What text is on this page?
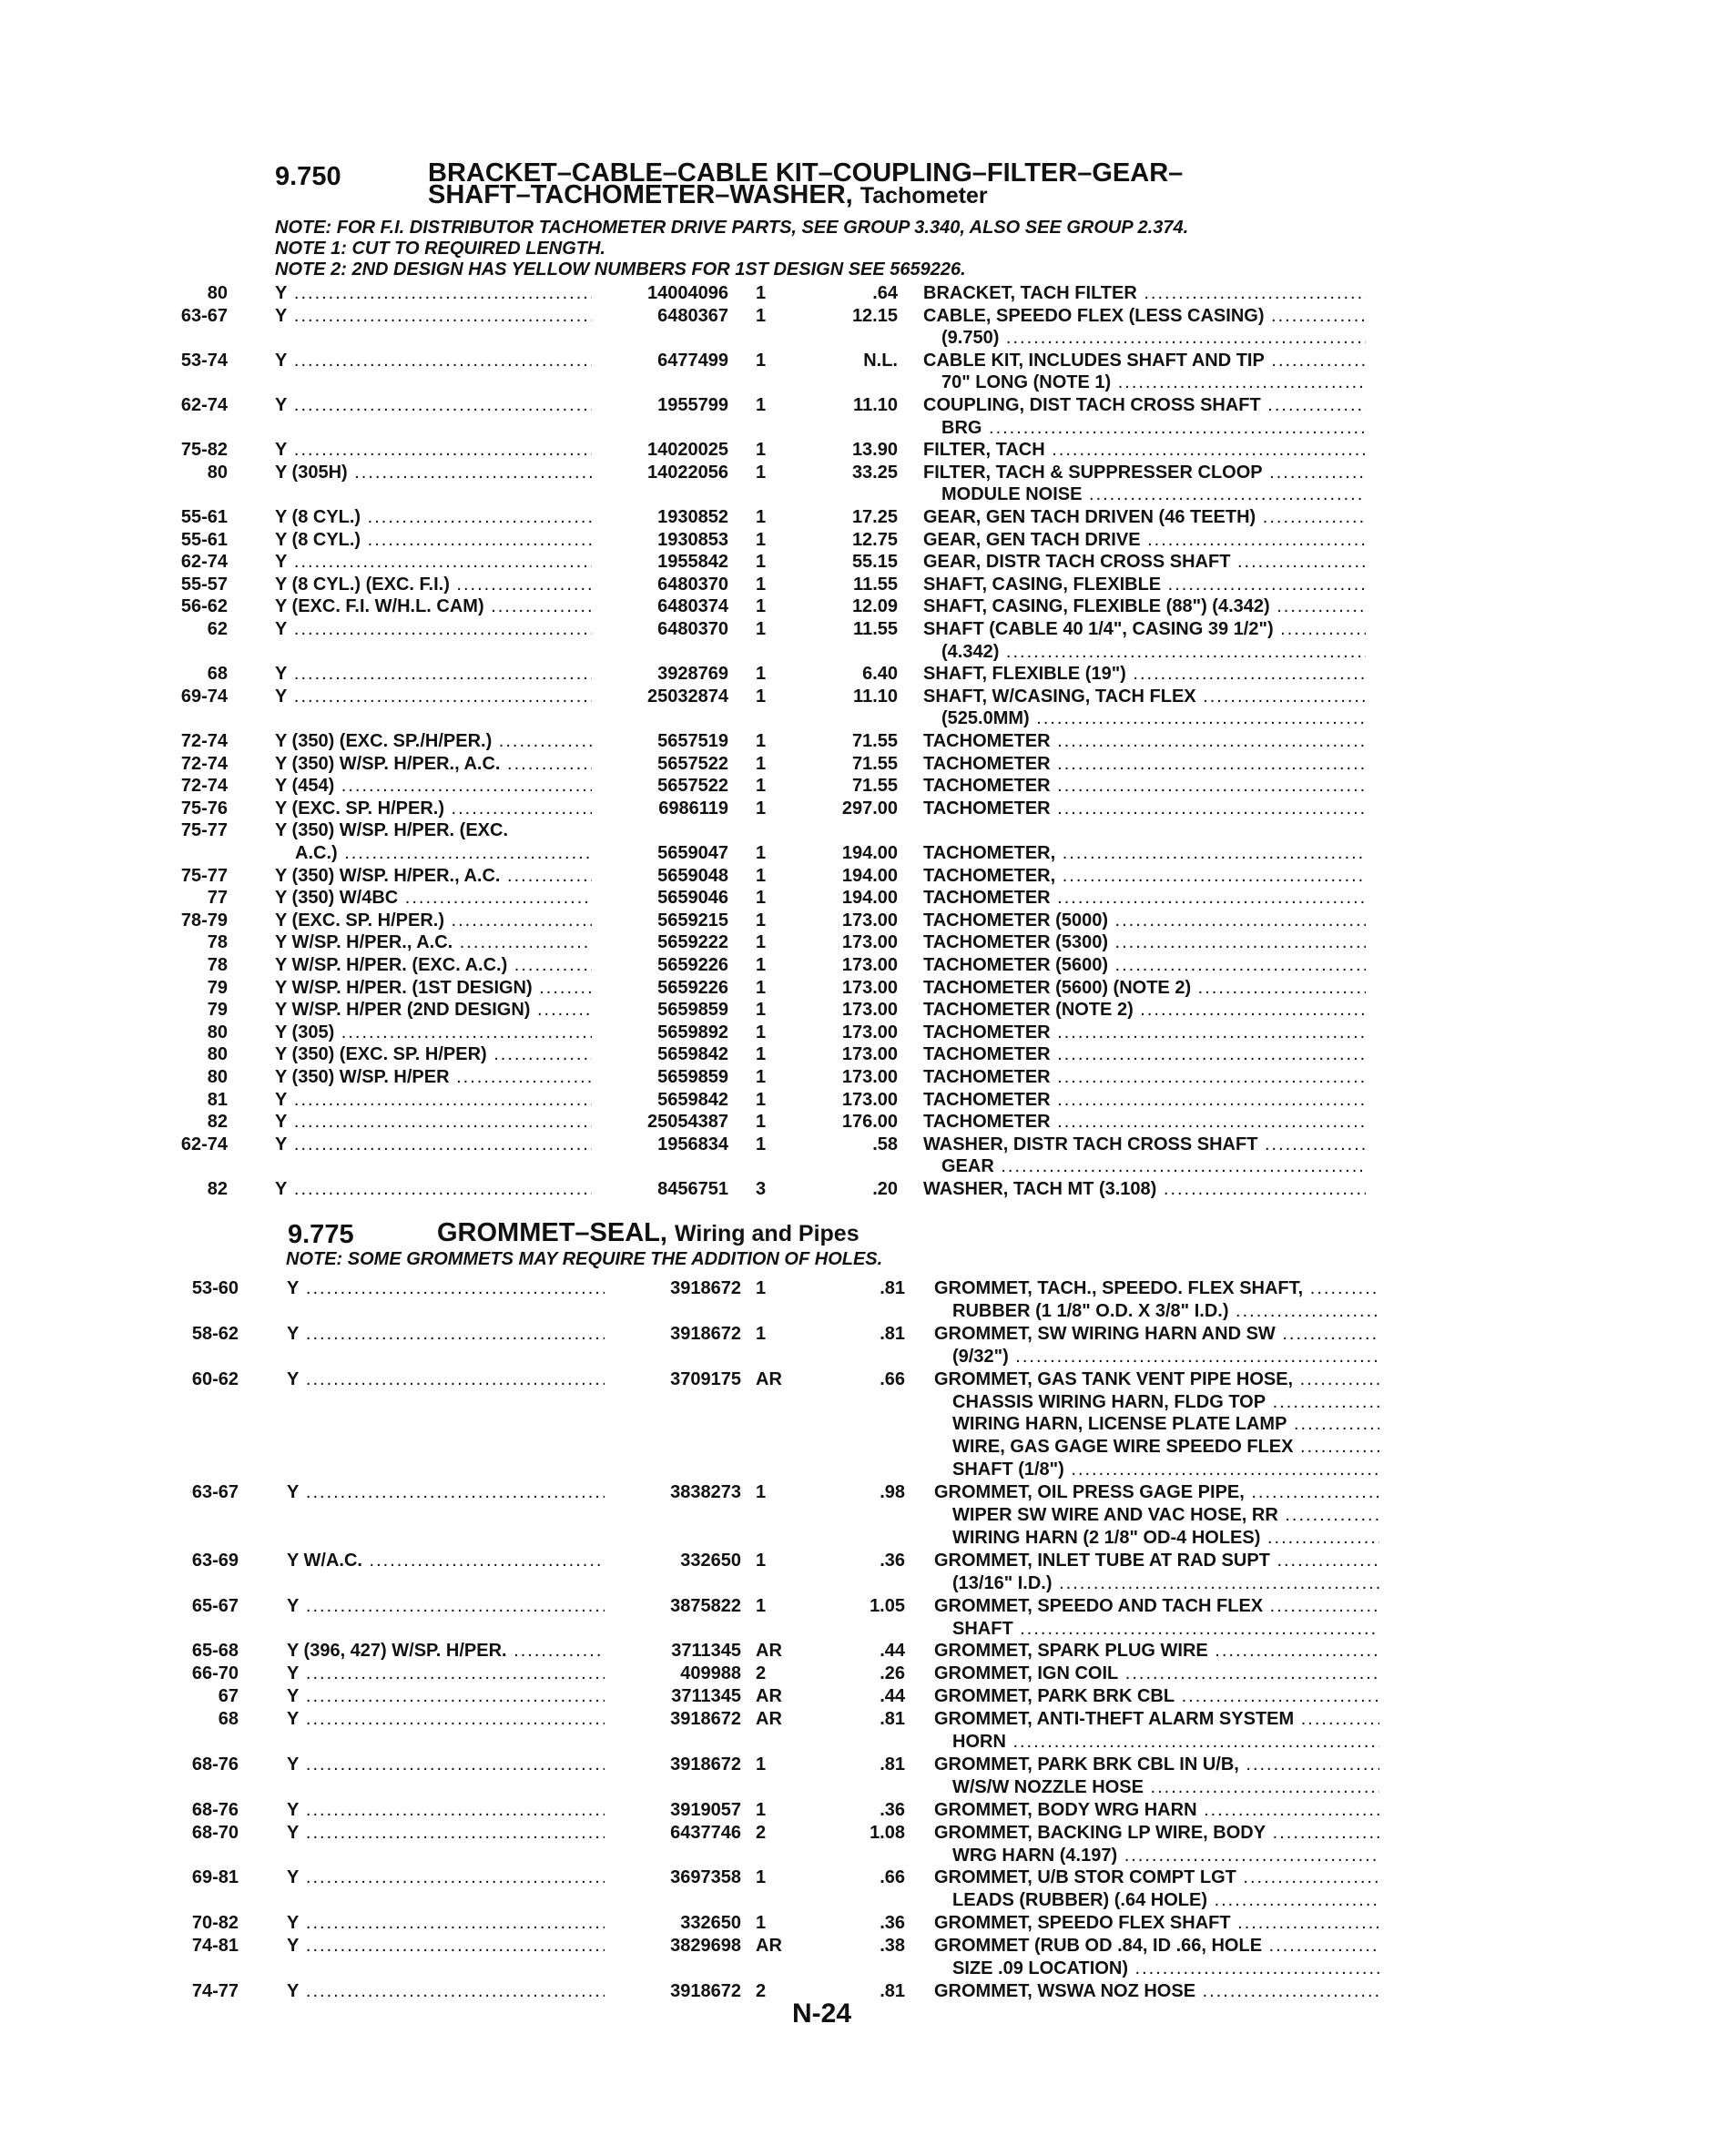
9.750	BRACKET–CABLE–CABLE KIT–COUPLING–FILTER–GEAR–
SHAFT–TACHOMETER–WASHER, Tachometer
NOTE: FOR F.I. DISTRIBUTOR TACHOMETER DRIVE PARTS, SEE GROUP 3.340, ALSO SEE GROUP 2.374.
NOTE 1: CUT TO REQUIRED LENGTH.
NOTE 2: 2ND DESIGN HAS YELLOW NUMBERS FOR 1ST DESIGN SEE 5659226.
80	Y .....	14004096 1	.64 BRACKET, TACH FILTER .....
63-67	Y .....	6480367 1	12.15 CABLE, SPEEDO FLEX (LESS CASING) .....
(9.750) .....
53-74	Y .....	6477499 1	N.L. CABLE KIT, INCLUDES SHAFT AND TIP .....
70" LONG (NOTE 1) .....
62-74	Y .....	1955799 1	11.10 COUPLING, DIST TACH CROSS SHAFT .....
BRG .....
75-82	Y .....	14020025 1	13.90 FILTER, TACH .....
80	Y (305H) .....	14022056 1	33.25 FILTER, TACH & SUPPRESSER CLOOP .....
MODULE NOISE .....
55-61	Y (8 CYL.) .....	1930852 1	17.25 GEAR, GEN TACH DRIVEN (46 TEETH) .....
55-61	Y (8 CYL.) .....	1930853 1	12.75 GEAR, GEN TACH DRIVE .....
62-74	Y .....	1955842 1	55.15 GEAR, DISTR TACH CROSS SHAFT .....
55-57	Y (8 CYL.) (EXC. F.I.) .....	6480370 1	11.55 SHAFT, CASING, FLEXIBLE .....
56-62	Y (EXC. F.I. W/H.L. CAM) .....	6480374 1	12.09 SHAFT, CASING, FLEXIBLE (88") (4.342) .....
62	Y .....	6480370 1	11.55 SHAFT (CABLE 40 1/4", CASING 39 1/2") .....
(4.342) .....
68	Y .....	3928769 1	6.40 SHAFT, FLEXIBLE (19") .....
69-74	Y .....	25032874 1	11.10 SHAFT, W/CASING, TACH FLEX .....
(525.0MM) .....
72-74	Y (350) (EXC. SP./H/PER.) .....	5657519 1	71.55 TACHOMETER .....
72-74	Y (350) W/SP. H/PER., A.C. .....	5657522 1	71.55 TACHOMETER .....
72-74	Y (454) .....	5657522 1	71.55 TACHOMETER .....
75-76	Y (EXC. SP. H/PER.) .....	6986119 1	297.00 TACHOMETER .....
75-77	Y (350) W/SP. H/PER. (EXC.
A.C.) .....	5659047 1	194.00 TACHOMETER, .....
75-77	Y (350) W/SP. H/PER., A.C. .....	5659048 1	194.00 TACHOMETER, .....
77	Y (350) W/4BC .....	5659046 1	194.00 TACHOMETER .....
78-79	Y (EXC. SP. H/PER.) .....	5659215 1	173.00 TACHOMETER (5000) .....
78	Y W/SP. H/PER., A.C. .....	5659222 1	173.00 TACHOMETER (5300) .....
78	Y W/SP. H/PER. (EXC. A.C.) .....	5659226 1	173.00 TACHOMETER (5600) .....
79	Y W/SP. H/PER. (1ST DESIGN) .....	5659226 1	173.00 TACHOMETER (5600) (NOTE 2) .....
79	Y W/SP. H/PER (2ND DESIGN) .....	5659859 1	173.00 TACHOMETER (NOTE 2) .....
80	Y (305) .....	5659892 1	173.00 TACHOMETER .....
80	Y (350) (EXC. SP. H/PER) .....	5659842 1	173.00 TACHOMETER .....
80	Y (350) W/SP. H/PER .....	5659859 1	173.00 TACHOMETER .....
81	Y .....	5659842 1	173.00 TACHOMETER .....
82	Y .....	25054387 1	176.00 TACHOMETER .....
62-74	Y .....	1956834 1	.58 WASHER, DISTR TACH CROSS SHAFT .....
GEAR .....
82	Y .....	8456751 3	.20 WASHER, TACH MT (3.108) .....
9.775	GROMMET–SEAL, Wiring and Pipes
NOTE: SOME GROMMETS MAY REQUIRE THE ADDITION OF HOLES.
53-60	Y .....	3918672 1	.81 GROMMET, TACH., SPEEDO. FLEX SHAFT, .....
RUBBER (1 1/8" O.D. X 3/8" I.D.) .....
58-62	Y .....	3918672 1	.81 GROMMET, SW WIRING HARN AND SW .....
(9/32") .....
60-62	Y .....	3709175 AR	.66 GROMMET, GAS TANK VENT PIPE HOSE, .....
CHASSIS WIRING HARN, FLDG TOP .....
WIRING HARN, LICENSE PLATE LAMP .....
WIRE, GAS GAGE WIRE SPEEDO FLEX .....
SHAFT (1/8") .....
63-67	Y .....	3838273 1	.98 GROMMET, OIL PRESS GAGE PIPE, .....
WIPER SW WIRE AND VAC HOSE, RR .....
WIRING HARN (2 1/8" OD-4 HOLES) .....
63-69	Y W/A.C. .....	332650 1	.36 GROMMET, INLET TUBE AT RAD SUPT .....
(13/16" I.D.) .....
65-67	Y .....	3875822 1	1.05 GROMMET, SPEEDO AND TACH FLEX .....
SHAFT .....
65-68	Y (396, 427) W/SP. H/PER. .....	3711345 AR	.44 GROMMET, SPARK PLUG WIRE .....
66-70	Y .....	409988 2	.26 GROMMET, IGN COIL .....
67	Y .....	3711345 AR	.44 GROMMET, PARK BRK CBL .....
68	Y .....	3918672 AR	.81 GROMMET, ANTI-THEFT ALARM SYSTEM .....
HORN .....
68-76	Y .....	3918672 1	.81 GROMMET, PARK BRK CBL IN U/B, .....
W/S/W NOZZLE HOSE .....
68-76	Y .....	3919057 1	.36 GROMMET, BODY WRG HARN .....
68-70	Y .....	6437746 2	1.08 GROMMET, BACKING LP WIRE, BODY .....
WRG HARN (4.197) .....
69-81	Y .....	3697358 1	.66 GROMMET, U/B STOR COMPT LGT .....
LEADS (RUBBER) (.64 HOLE) .....
70-82	Y .....	332650 1	.36 GROMMET, SPEEDO FLEX SHAFT .....
74-81	Y .....	3829698 AR	.38 GROMMET (RUB OD .84, ID .66, HOLE .....
SIZE .09 LOCATION) .....
74-77	Y .....	3918672 2	.81 GROMMET, WSWA NOZ HOSE .....
N-24
